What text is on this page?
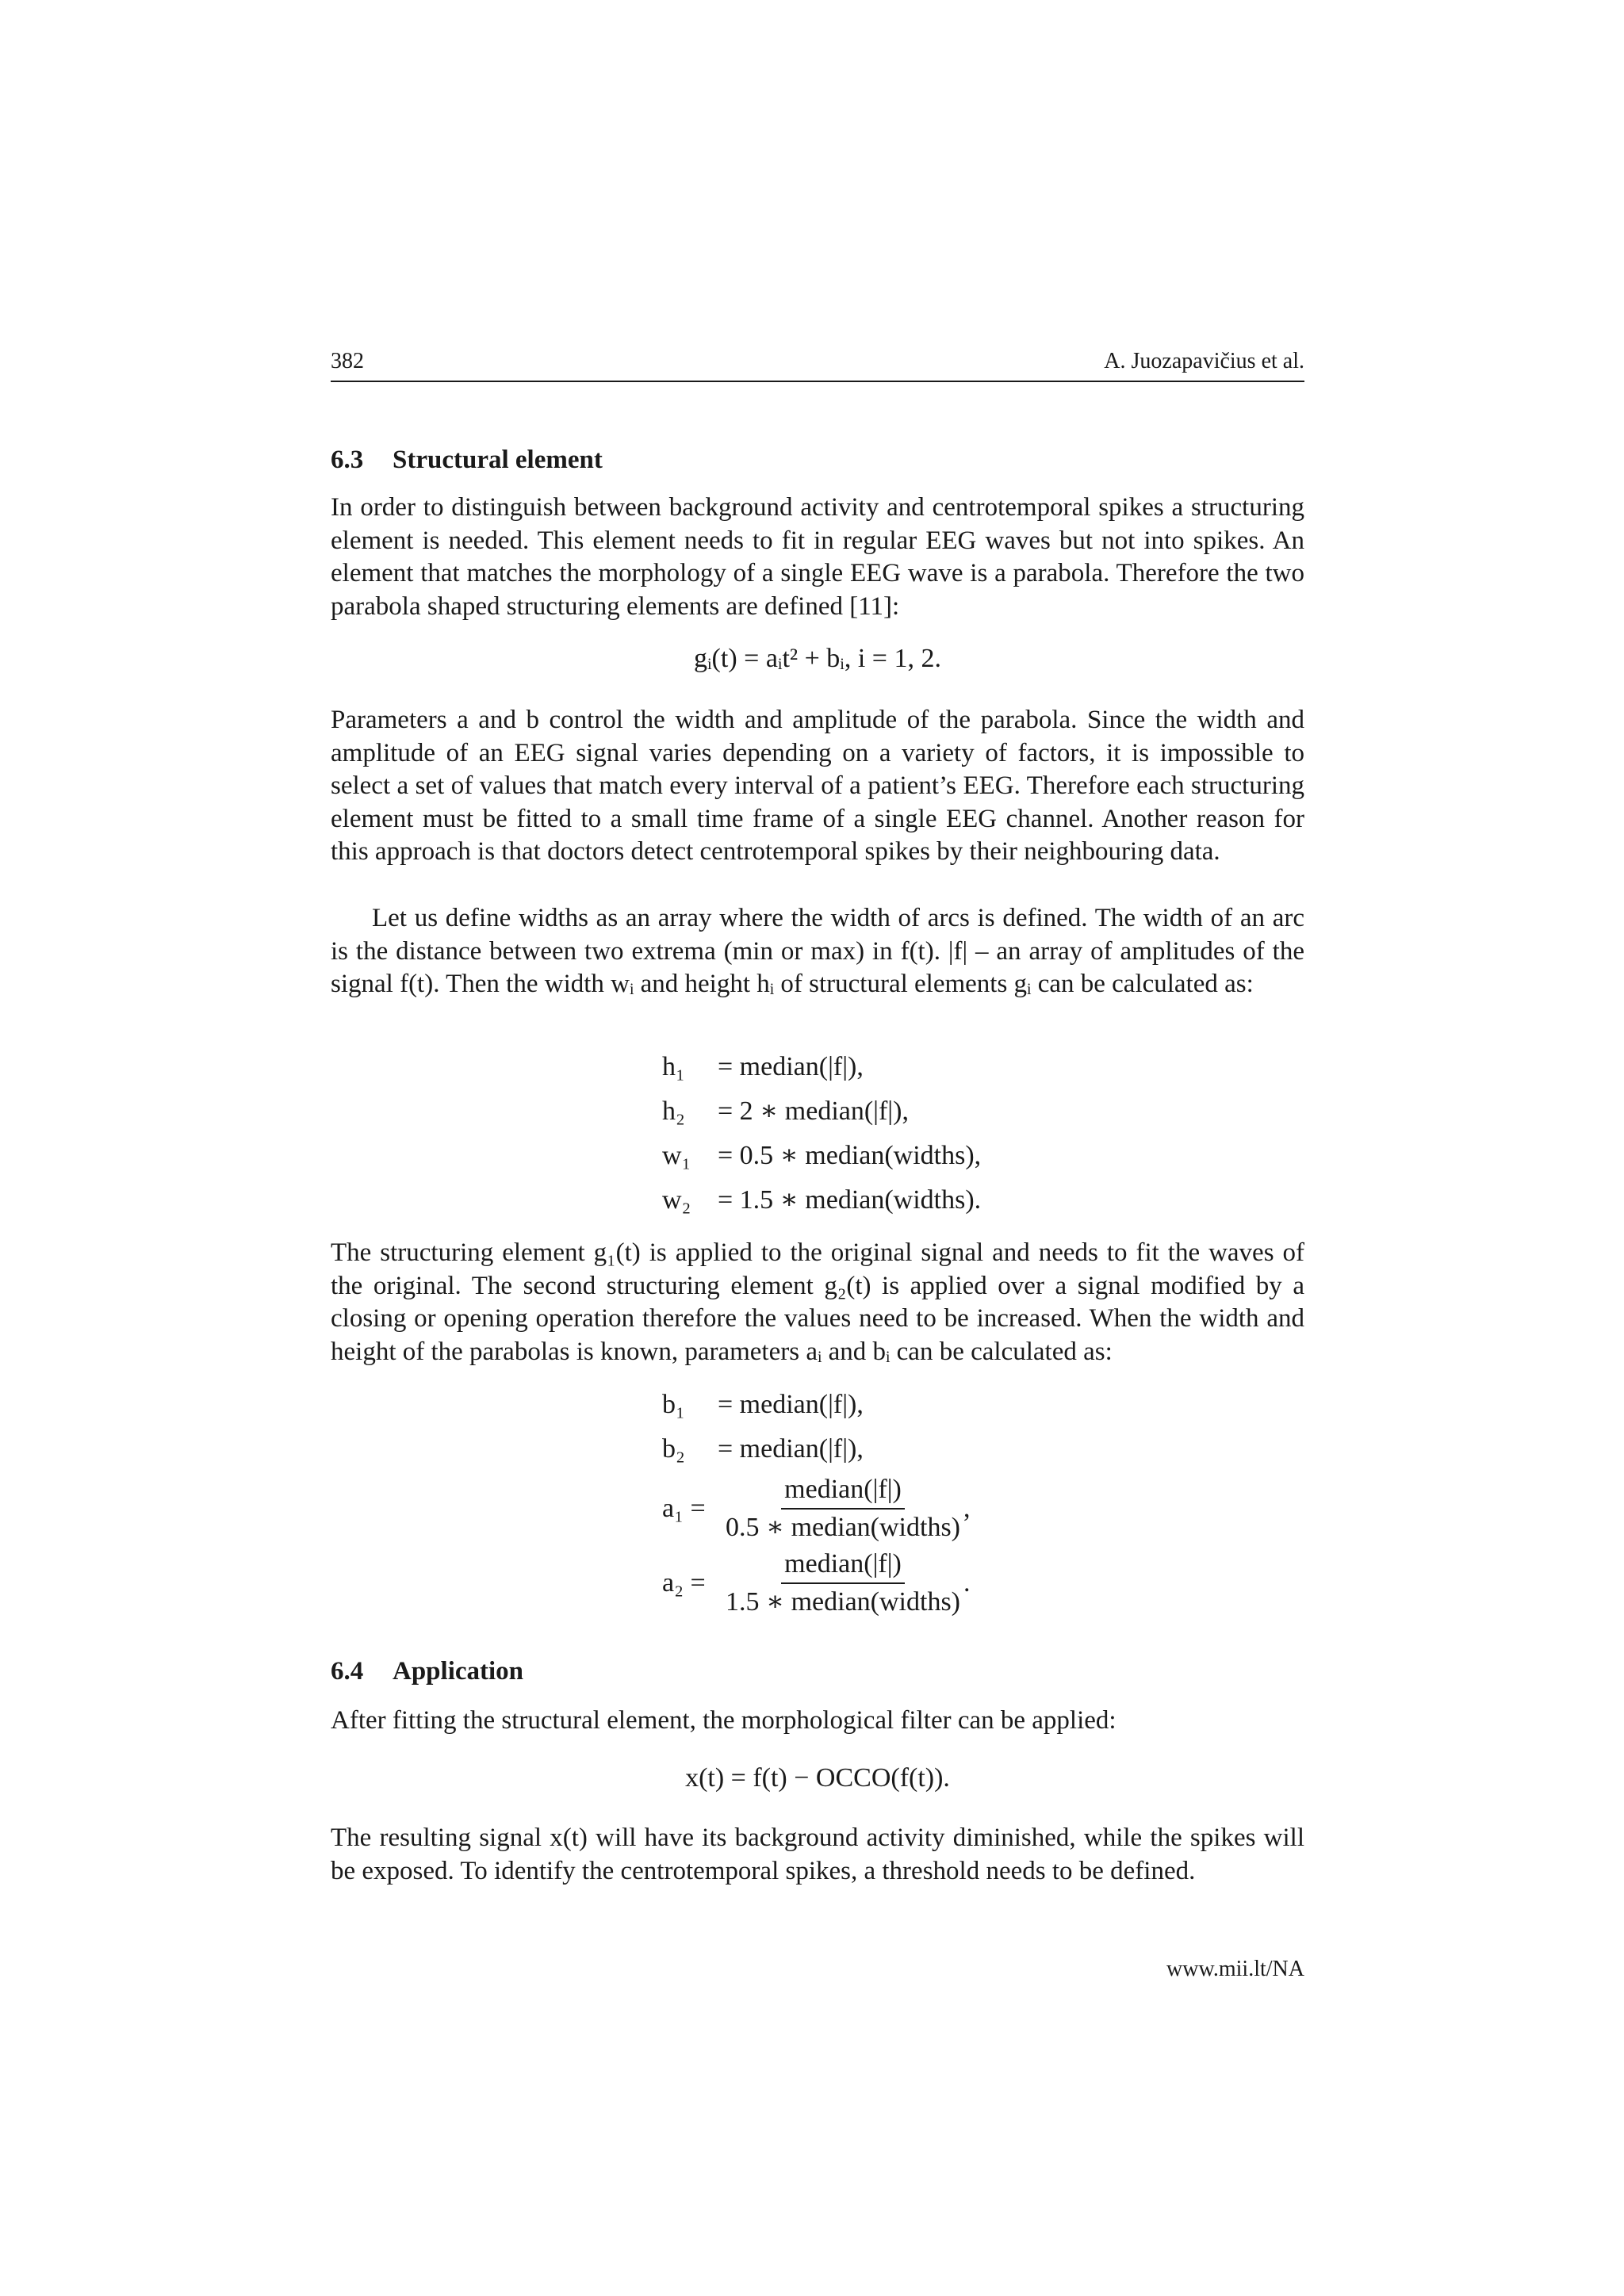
382	A. Juozapavičius et al.
6.3 Structural element

In order to distinguish between background activity and centrotemporal spikes a structuring element is needed. This element needs to fit in regular EEG waves but not into spikes. An element that matches the morphology of a single EEG wave is a parabola. Therefore the two parabola shaped structuring elements are defined [11]:

gᵢ(t) = aᵢt² + bᵢ, i = 1, 2.

Parameters a and b control the width and amplitude of the parabola. Since the width and amplitude of an EEG signal varies depending on a variety of factors, it is impossible to select a set of values that match every interval of a patient’s EEG. Therefore each structuring element must be fitted to a small time frame of a single EEG channel. Another reason for this approach is that doctors detect centrotemporal spikes by their neighbouring data.

Let us define widths as an array where the width of arcs is defined. The width of an arc is the distance between two extrema (min or max) in f(t). |f| – an array of amplitudes of the signal f(t). Then the width wᵢ and height hᵢ of structural elements gᵢ can be calculated as:

h₁ = median(|f|),
h₂ = 2 ∗ median(|f|),
w₁ = 0.5 ∗ median(widths),
w₂ = 1.5 ∗ median(widths).

The structuring element g₁(t) is applied to the original signal and needs to fit the waves of the original. The second structuring element g₂(t) is applied over a signal modified by a closing or opening operation therefore the values need to be increased. When the width and height of the parabolas is known, parameters aᵢ and bᵢ can be calculated as:

b₁ = median(|f|),
b₂ = median(|f|),
$a_1 = \frac{\text{median(|f|)}}{\text{0.5 ∗ median(widths)}}$ ,
$a_2 = \frac{\text{median(|f|)}}{\text{1.5 ∗ median(widths)}}$ .
6.4 Application

After fitting the structural element, the morphological filter can be applied:

x(t) = f(t) − OCCO(f(t)).

The resulting signal x(t) will have its background activity diminished, while the spikes will be exposed. To identify the centrotemporal spikes, a threshold needs to be defined.

www.mii.lt/NA
